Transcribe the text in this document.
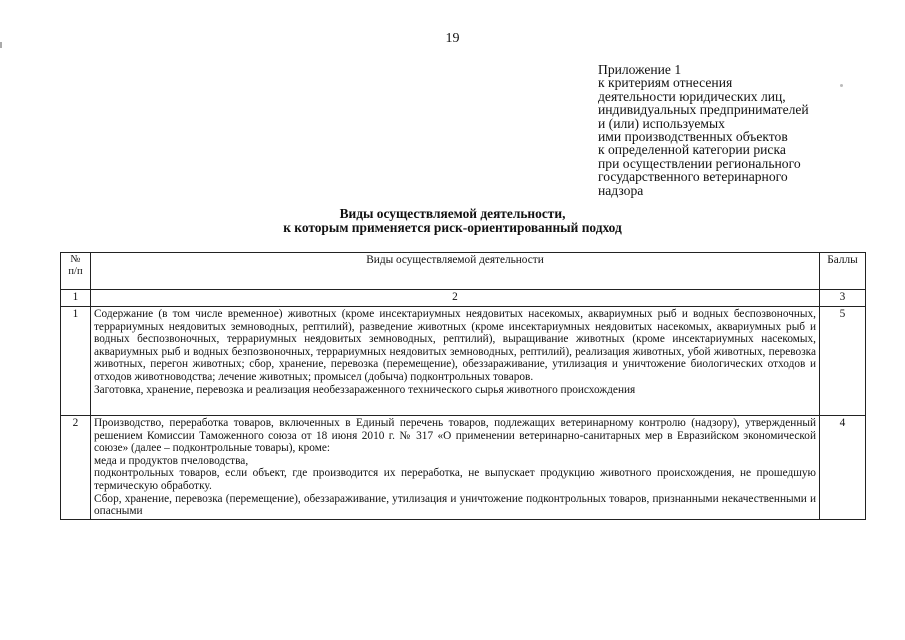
19
Приложение 1
к критериям отнесения
деятельности юридических лиц,
индивидуальных предпринимателей
и (или) используемых
ими производственных объектов
к определенной категории риска
при осуществлении регионального
государственного ветеринарного
надзора
Виды осуществляемой деятельности,
к которым применяется риск-ориентированный подход
№
п/п	Виды осуществляемой деятельности	Баллы
1	2	3
1	Содержание (в том числе временное) животных (кроме инсектариумных неядовитых насекомых, аквариумных рыб и водных беспозвоночных, террариумных неядовитых земноводных, рептилий), разведение животных (кроме инсектариумных неядовитых насекомых, аквариумных рыб и водных беспозвоночных, террариумных неядовитых земноводных, рептилий), выращивание животных (кроме инсектариумных насекомых, аквариумных рыб и водных безпозвоночных, террариумных неядовитых земноводных, рептилий), реализация животных, убой животных, перевозка животных, перегон животных; сбор, хранение, перевозка (перемещение), обеззараживание, утилизация и уничтожение биологических отходов и отходов животноводства; лечение животных; промысел (добыча) подконтрольных товаров.
Заготовка, хранение, перевозка и реализация необеззараженного технического сырья животного происхождения	5
2	Производство, переработка товаров, включенных в Единый перечень товаров, подлежащих ветеринарному контролю (надзору), утвержденный решением Комиссии Таможенного союза от 18 июня 2010 г. № 317 «О применении ветеринарно-санитарных мер в Евразийском экономической союзе» (далее – подконтрольные товары), кроме:
меда и продуктов пчеловодства,
подконтрольных товаров, если объект, где производится их переработка, не выпускает продукцию животного происхождения, не прошедшую термическую обработку.
Сбор, хранение, перевозка (перемещение), обеззараживание, утилизация и уничтожение подконтрольных товаров, признанными некачественными и опасными	4
